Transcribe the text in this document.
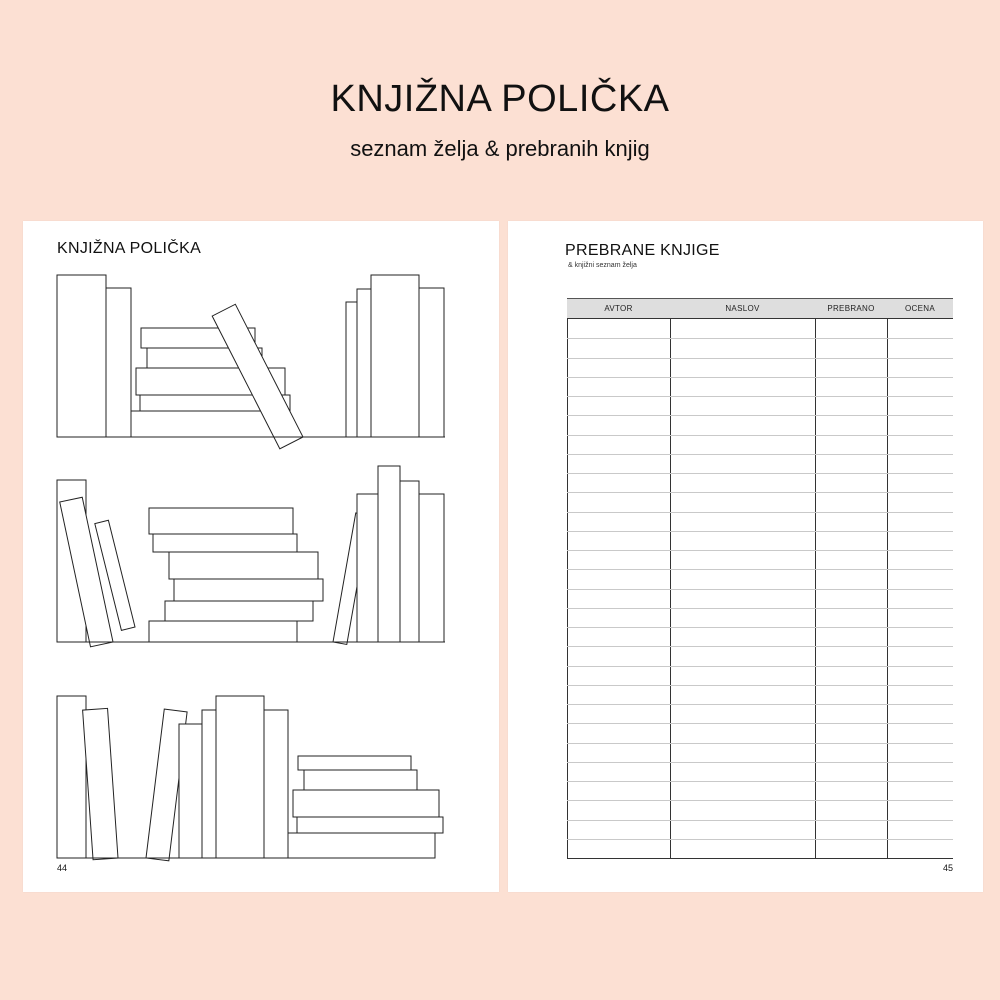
KNJIŽNA POLIČKA
seznam želja & prebranih knjig
KNJIŽNA POLIČKA
44
PREBRANE KNJIGE
& knjižni seznam želja
AVTOR	NASLOV	PREBRANO	OCENA
45
